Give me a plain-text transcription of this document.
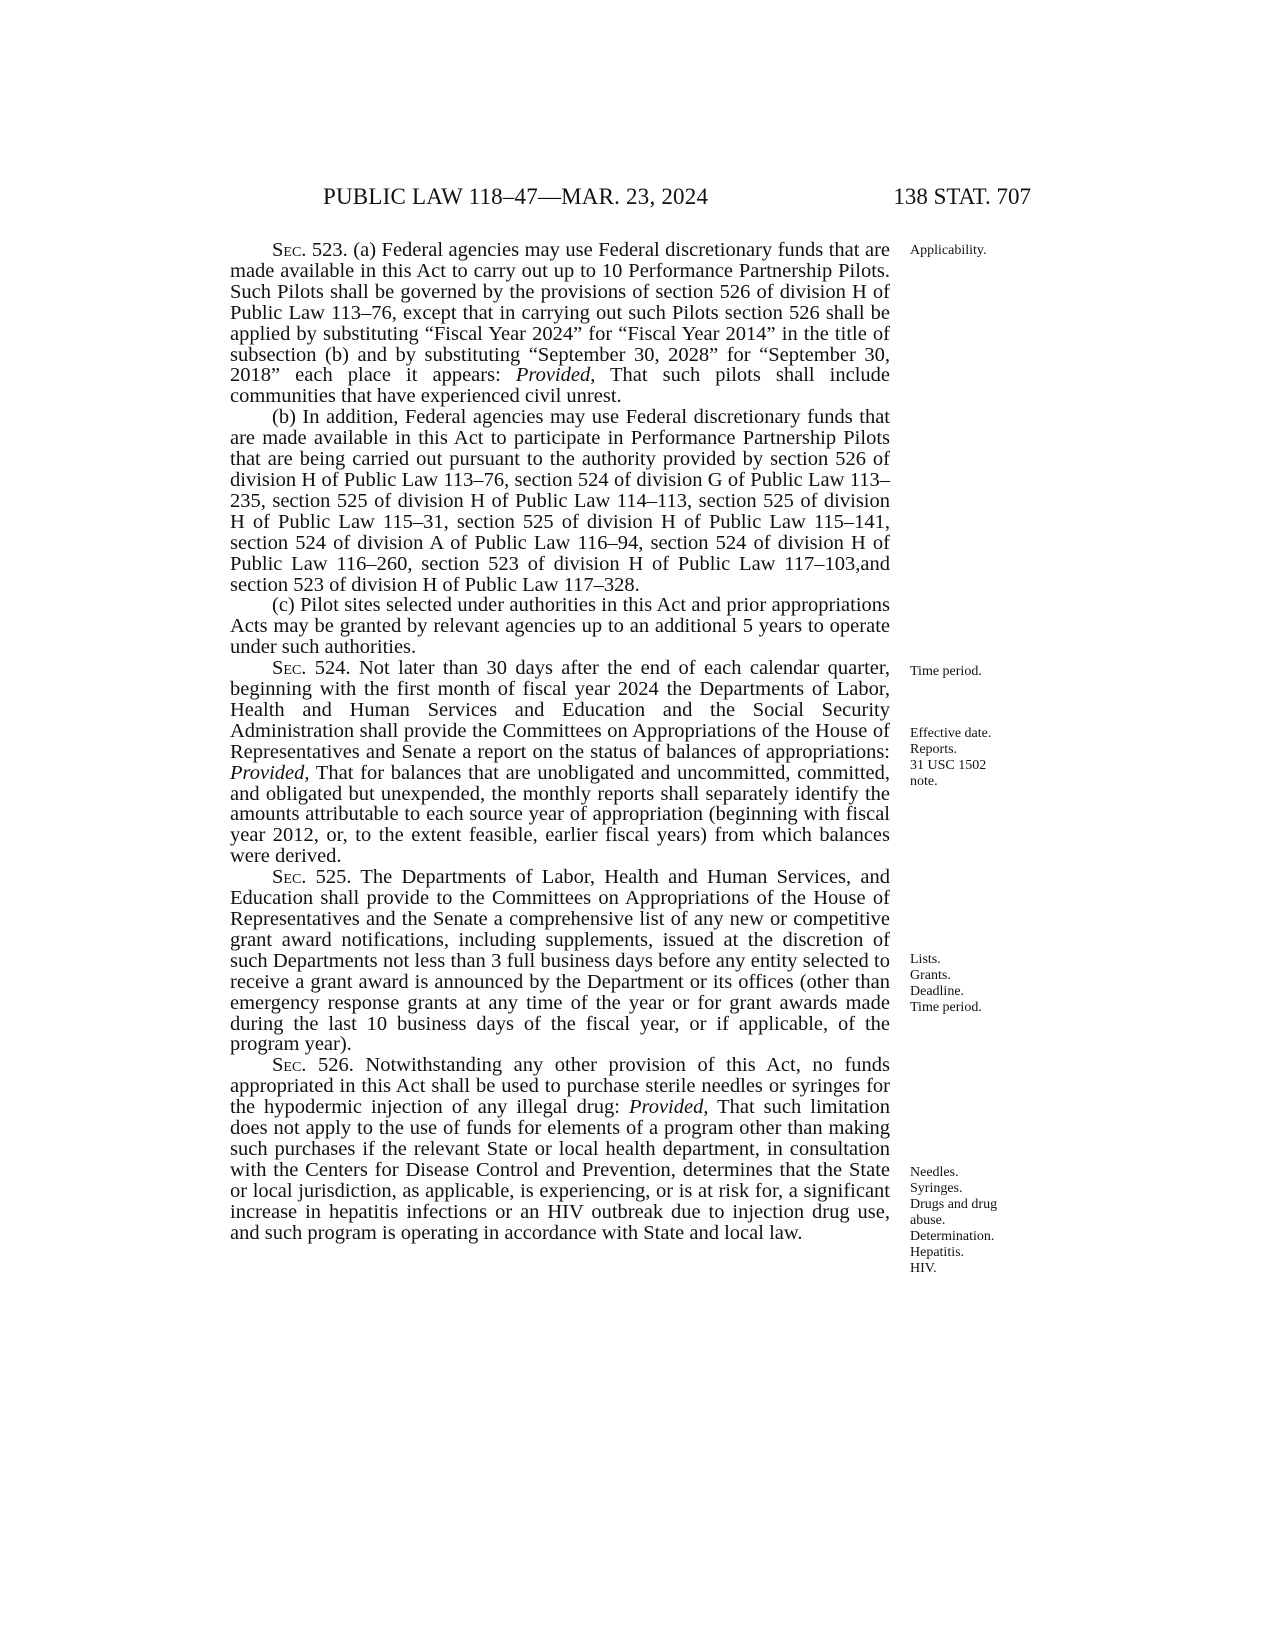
PUBLIC LAW 118–47—MAR. 23, 2024	138 STAT. 707

Sec. 523. (a) Federal agencies may use Federal discretionary funds that are made available in this Act to carry out up to 10 Performance Partnership Pilots. Such Pilots shall be governed by the provisions of section 526 of division H of Public Law 113–76, except that in carrying out such Pilots section 526 shall be applied by substituting “Fiscal Year 2024” for “Fiscal Year 2014” in the title of subsection (b) and by substituting “September 30, 2028” for “September 30, 2018” each place it appears: Provided, That such pilots shall include communities that have experienced civil unrest.

(b) In addition, Federal agencies may use Federal discretionary funds that are made available in this Act to participate in Performance Partnership Pilots that are being carried out pursuant to the authority provided by section 526 of division H of Public Law 113–76, section 524 of division G of Public Law 113–235, section 525 of division H of Public Law 114–113, section 525 of division H of Public Law 115–31, section 525 of division H of Public Law 115–141, section 524 of division A of Public Law 116–94, section 524 of division H of Public Law 116–260, section 523 of division H of Public Law 117–103,and section 523 of division H of Public Law 117–328.

(c) Pilot sites selected under authorities in this Act and prior appropriations Acts may be granted by relevant agencies up to an additional 5 years to operate under such authorities.

Sec. 524. Not later than 30 days after the end of each calendar quarter, beginning with the first month of fiscal year 2024 the Departments of Labor, Health and Human Services and Education and the Social Security Administration shall provide the Committees on Appropriations of the House of Representatives and Senate a report on the status of balances of appropriations: Provided, That for balances that are unobligated and uncommitted, committed, and obligated but unexpended, the monthly reports shall separately identify the amounts attributable to each source year of appropriation (beginning with fiscal year 2012, or, to the extent feasible, earlier fiscal years) from which balances were derived.

Sec. 525. The Departments of Labor, Health and Human Services, and Education shall provide to the Committees on Appropriations of the House of Representatives and the Senate a comprehensive list of any new or competitive grant award notifications, including supplements, issued at the discretion of such Departments not less than 3 full business days before any entity selected to receive a grant award is announced by the Department or its offices (other than emergency response grants at any time of the year or for grant awards made during the last 10 business days of the fiscal year, or if applicable, of the program year).

Sec. 526. Notwithstanding any other provision of this Act, no funds appropriated in this Act shall be used to purchase sterile needles or syringes for the hypodermic injection of any illegal drug: Provided, That such limitation does not apply to the use of funds for elements of a program other than making such purchases if the relevant State or local health department, in consultation with the Centers for Disease Control and Prevention, determines that the State or local jurisdiction, as applicable, is experiencing, or is at risk for, a significant increase in hepatitis infections or an HIV outbreak due to injection drug use, and such program is operating in accordance with State and local law.

Applicability.
Time period.
Effective date.
Reports.
31 USC 1502
note.
Lists.
Grants.
Deadline.
Time period.
Needles.
Syringes.
Drugs and drug
abuse.
Determination.
Hepatitis.
HIV.
